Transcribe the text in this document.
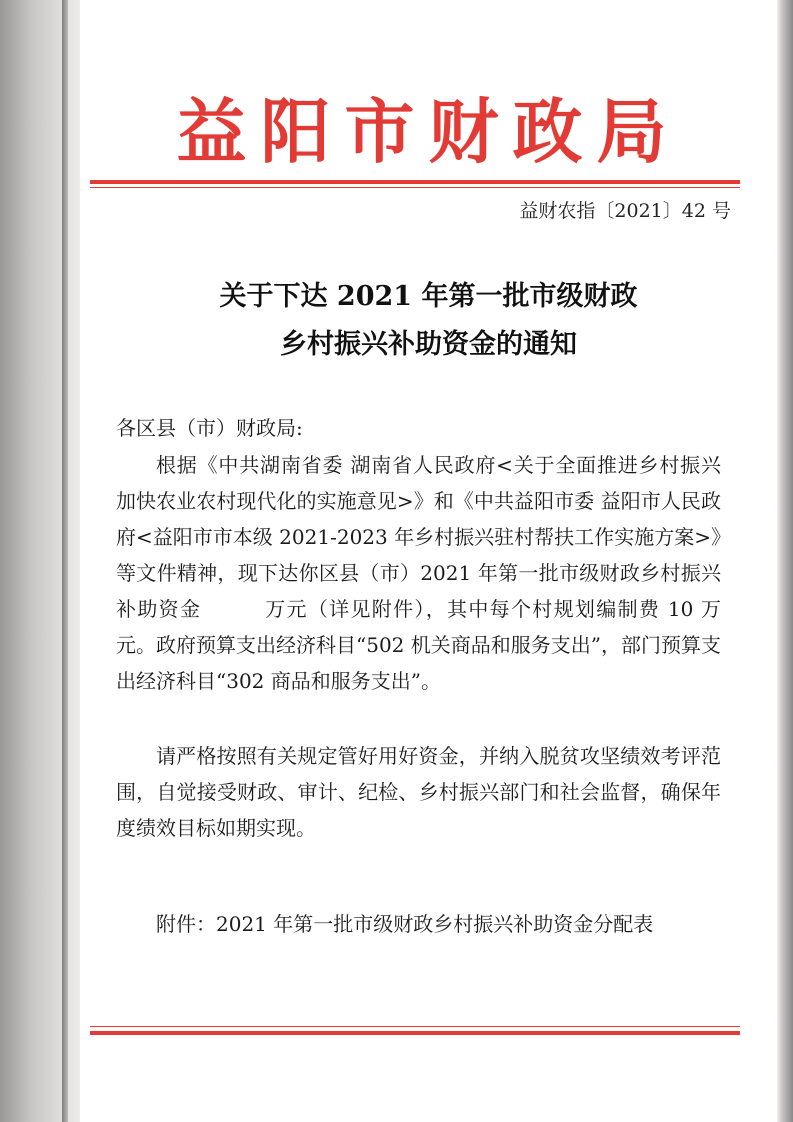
益阳市财政局
益财农指〔2021〕42 号
关于下达 2021 年第一批市级财政
乡村振兴补助资金的通知
各区县（市）财政局:
根据《中共湖南省委 湖南省人民政府<关于全面推进乡村振兴 加快农业农村现代化的实施意见>》和《中共益阳市委 益阳市人民政府<益阳市市本级 2021-2023 年乡村振兴驻村帮扶工作实施方案>》等文件精神，现下达你区县（市）2021 年第一批市级财政乡村振兴补助资金　　　万元（详见附件），其中每个村规划编制费 10 万元。政府预算支出经济科目“502 机关商品和服务支出”，部门预算支出经济科目“302 商品和服务支出”。
请严格按照有关规定管好用好资金，并纳入脱贫攻坚绩效考评范围，自觉接受财政、审计、纪检、乡村振兴部门和社会监督，确保年度绩效目标如期实现。
附件：2021 年第一批市级财政乡村振兴补助资金分配表
